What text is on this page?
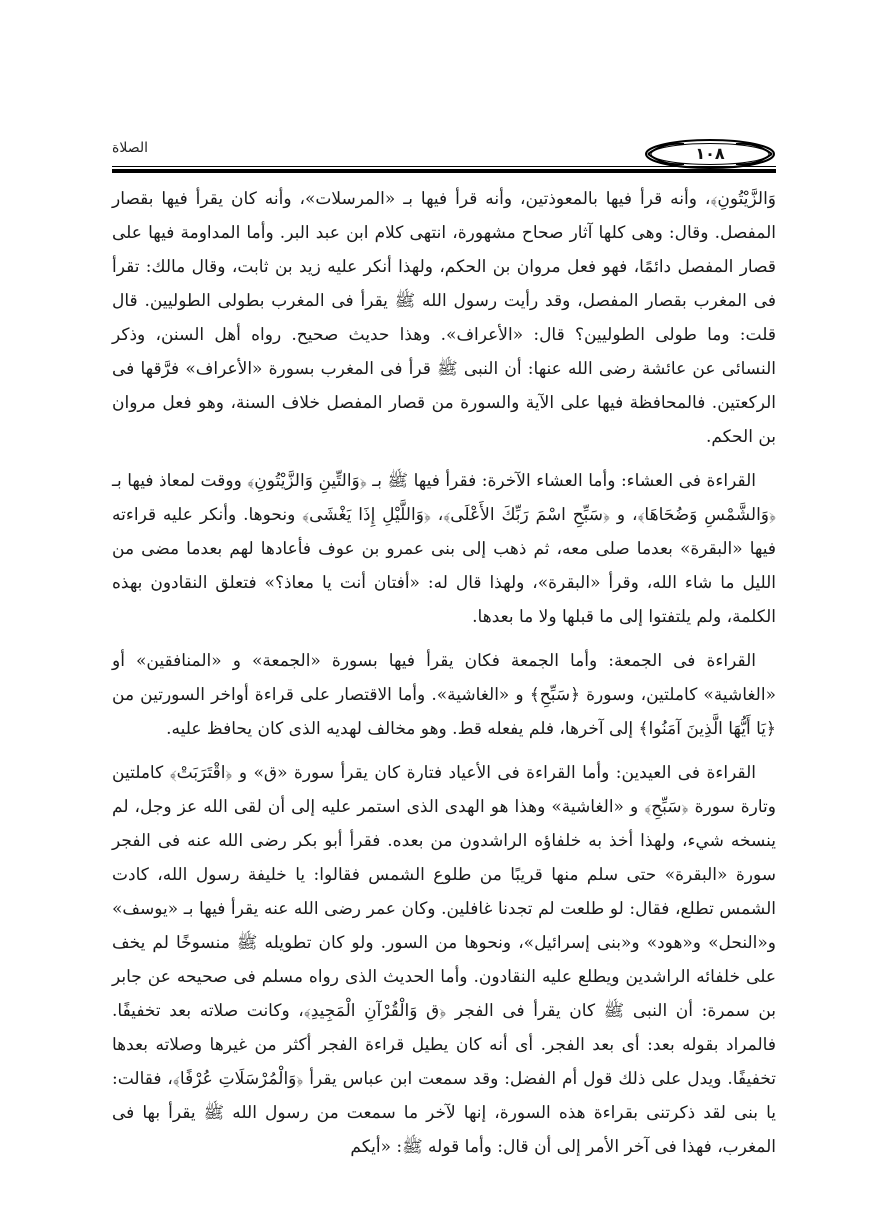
الصلاة	١٠٨

وَالزَّيْتُونِ﴾، وأنه قرأ فيها بالمعوذتين، وأنه قرأ فيها بـ «المرسلات»، وأنه كان يقرأ فيها بقصار المفصل. وقال: وهى كلها آثار صحاح مشهورة، انتهى كلام ابن عبد البر. وأما المداومة فيها على قصار المفصل دائمًا، فهو فعل مروان بن الحكم، ولهذا أنكر عليه زيد بن ثابت، وقال مالك: تقرأ فى المغرب بقصار المفصل، وقد رأيت رسول الله ﷺ يقرأ فى المغرب بطولى الطوليين. قال قلت: وما طولى الطوليين؟ قال: «الأعراف». وهذا حديث صحيح. رواه أهل السنن، وذكر النسائى عن عائشة رضى الله عنها: أن النبى ﷺ قرأ فى المغرب بسورة «الأعراف» فرَّقها فى الركعتين. فالمحافظة فيها على الآية والسورة من قصار المفصل خلاف السنة، وهو فعل مروان بن الحكم.

القراءة فى العشاء: وأما العشاء الآخرة: فقرأ فيها ﷺ بـ ﴿وَالتِّينِ وَالزَّيْتُونِ﴾ ووقت لمعاذ فيها بـ ﴿وَالشَّمْسِ وَضُحَاهَا﴾، و ﴿سَبِّحِ اسْمَ رَبِّكَ الأَعْلَى﴾، ﴿وَاللَّيْلِ إِذَا يَغْشَى﴾ ونحوها. وأنكر عليه قراءته فيها «البقرة» بعدما صلى معه، ثم ذهب إلى بنى عمرو بن عوف فأعادها لهم بعدما مضى من الليل ما شاء الله، وقرأ «البقرة»، ولهذا قال له: «أفتان أنت يا معاذ؟» فتعلق النقادون بهذه الكلمة، ولم يلتفتوا إلى ما قبلها ولا ما بعدها.

القراءة فى الجمعة: وأما الجمعة فكان يقرأ فيها بسورة «الجمعة» و «المنافقين» أو «الغاشية» كاملتين، وسورة ﴿سَبِّحِ﴾ و «الغاشية». وأما الاقتصار على قراءة أواخر السورتين من ﴿يَا أَيُّهَا الَّذِينَ آمَنُوا﴾ إلى آخرها، فلم يفعله قط. وهو مخالف لهديه الذى كان يحافظ عليه.

القراءة فى العيدين: وأما القراءة فى الأعياد فتارة كان يقرأ سورة «ق» و ﴿اقْتَرَبَتْ﴾ كاملتين وتارة سورة ﴿سَبِّحِ﴾ و «الغاشية» وهذا هو الهدى الذى استمر عليه إلى أن لقى الله عز وجل، لم ينسخه شيء، ولهذا أخذ به خلفاؤه الراشدون من بعده. فقرأ أبو بكر رضى الله عنه فى الفجر سورة «البقرة» حتى سلم منها قريبًا من طلوع الشمس فقالوا: يا خليفة رسول الله، كادت الشمس تطلع، فقال: لو طلعت لم تجدنا غافلين. وكان عمر رضى الله عنه يقرأ فيها بـ «يوسف» و«النحل» و«هود» و«بنى إسرائيل»، ونحوها من السور. ولو كان تطويله ﷺ منسوخًا لم يخف على خلفائه الراشدين ويطلع عليه النقادون. وأما الحديث الذى رواه مسلم فى صحيحه عن جابر بن سمرة: أن النبى ﷺ كان يقرأ فى الفجر ﴿ق وَالْقُرْآنِ الْمَجِيدِ﴾، وكانت صلاته بعد تخفيفًا. فالمراد بقوله بعد: أى بعد الفجر. أى أنه كان يطيل قراءة الفجر أكثر من غيرها وصلاته بعدها تخفيفًا. ويدل على ذلك قول أم الفضل: وقد سمعت ابن عباس يقرأ ﴿وَالْمُرْسَلَاتِ عُرْفًا﴾، فقالت: يا بنى لقد ذكرتنى بقراءة هذه السورة، إنها لآخر ما سمعت من رسول الله ﷺ يقرأ بها فى المغرب، فهذا فى آخر الأمر إلى أن قال: وأما قوله ﷺ: «أيكم
